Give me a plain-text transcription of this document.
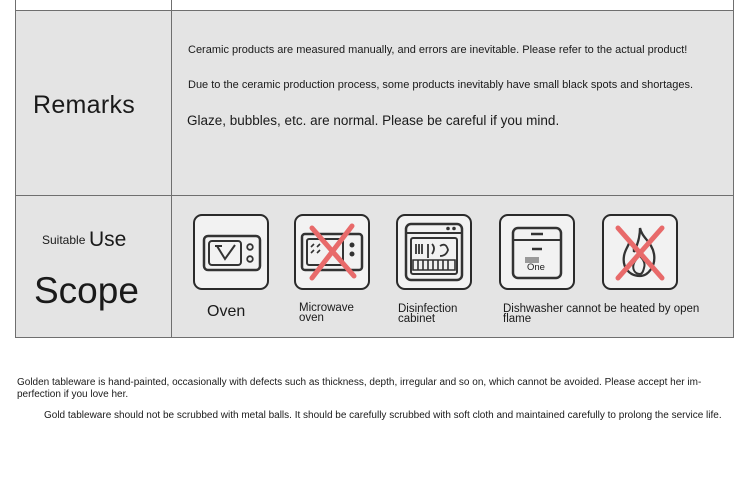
Remarks
Ceramic products are measured manually, and errors are inevitable. Please refer to the actual product!
Due to the ceramic production process, some products inevitably have small black spots and shortages.
Glaze, bubbles, etc. are normal. Please be careful if you mind.
Suitable Use
Scope
Oven	Microwave oven
Disinfection cabinet
One
Dishwasher cannot be heated by open flame
Golden tableware is hand-painted, occasionally with defects such as thickness, depth, irregular and so on, which cannot be avoided. Please accept her im-perfection if you love her.
Gold tableware should not be scrubbed with metal balls. It should be carefully scrubbed with soft cloth and maintained carefully to prolong the service life.
